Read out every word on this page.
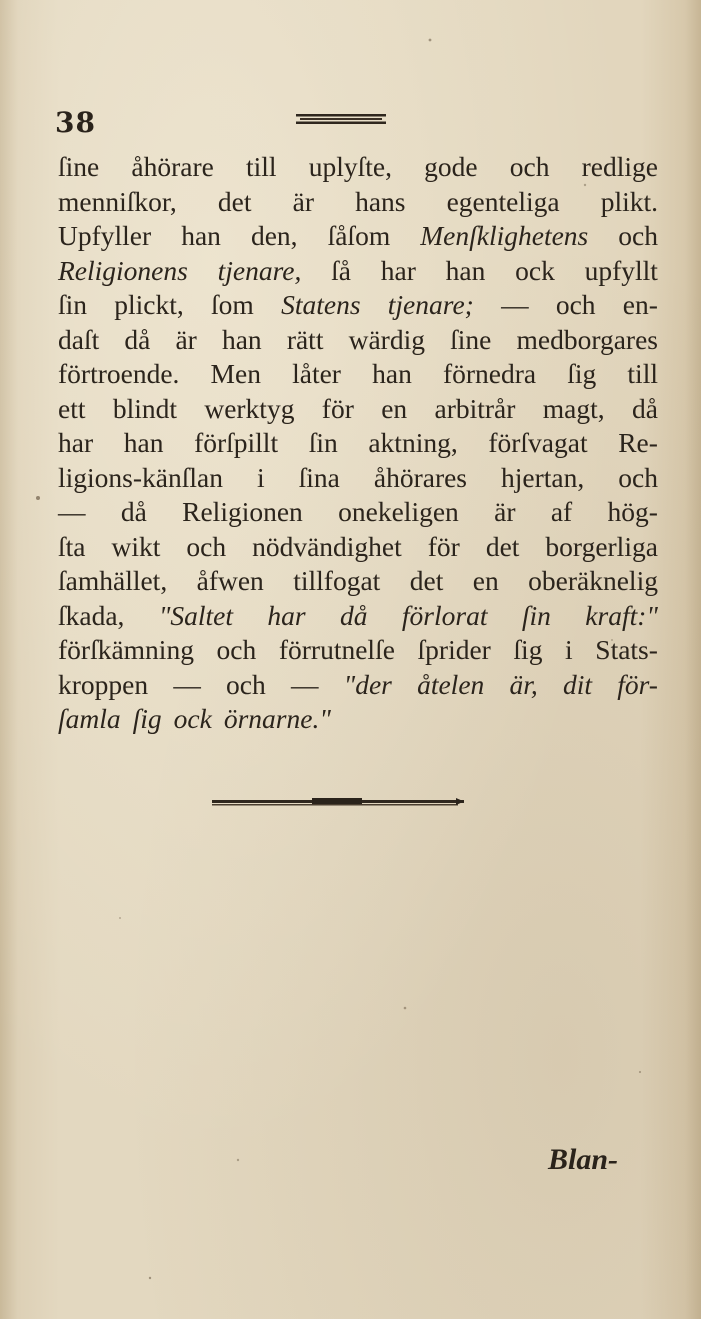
38
ſine åhörare till uplyſte, gode och redlige
menniſkor, det är hans egenteliga plikt.
Upfyller han den, ſåſom Menſklighetens och
Religionens tjenare, ſå har han ock upfyllt
ſin plickt, ſom Statens tjenare; — och en-
daſt då är han rätt wärdig ſine medborgares
förtroende. Men låter han förnedra ſig till
ett blindt werktyg för en arbitrår magt, då
har han förſpillt ſin aktning, förſvagat Re-
ligions-känſlan i ſina åhörares hjertan, och
— då Religionen onekeligen är af hög-
ſta wikt och nödvändighet för det borgerliga
ſamhället, åfwen tillfogat det en oberäknelig
ſkada, "Saltet har då förlorat ſin kraft:"
förſkämning och förrutnelſe ſprider ſig i Stats-
kroppen — och — "der åtelen är, dit för-
ſamla ſig ock örnarne."
Blan-
